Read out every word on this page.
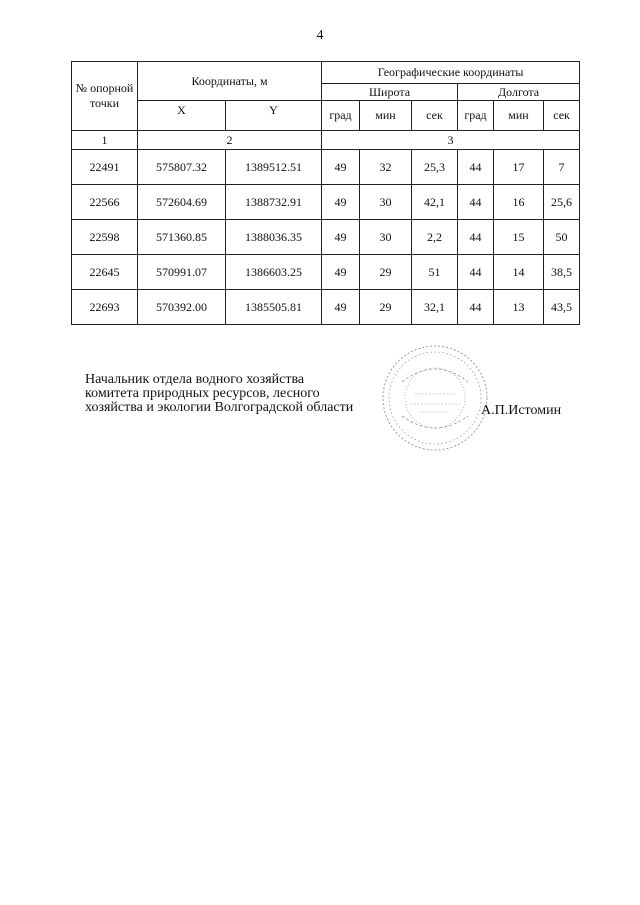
4
№ опорной точки	Координаты, м		Географические координаты					
			Широта			Долгота		
	X	Y	град	мин	сек	град	мин	сек
1	2		3					
22491	575807.32	1389512.51	49	32	25,3	44	17	7
22566	572604.69	1388732.91	49	30	42,1	44	16	25,6
22598	571360.85	1388036.35	49	30	2,2	44	15	50
22645	570991.07	1386603.25	49	29	51	44	14	38,5
22693	570392.00	1385505.81	49	29	32,1	44	13	43,5
Начальник отдела водного хозяйства
комитета природных ресурсов, лесного
хозяйства и экологии Волгоградской области	А.П.Истомин
